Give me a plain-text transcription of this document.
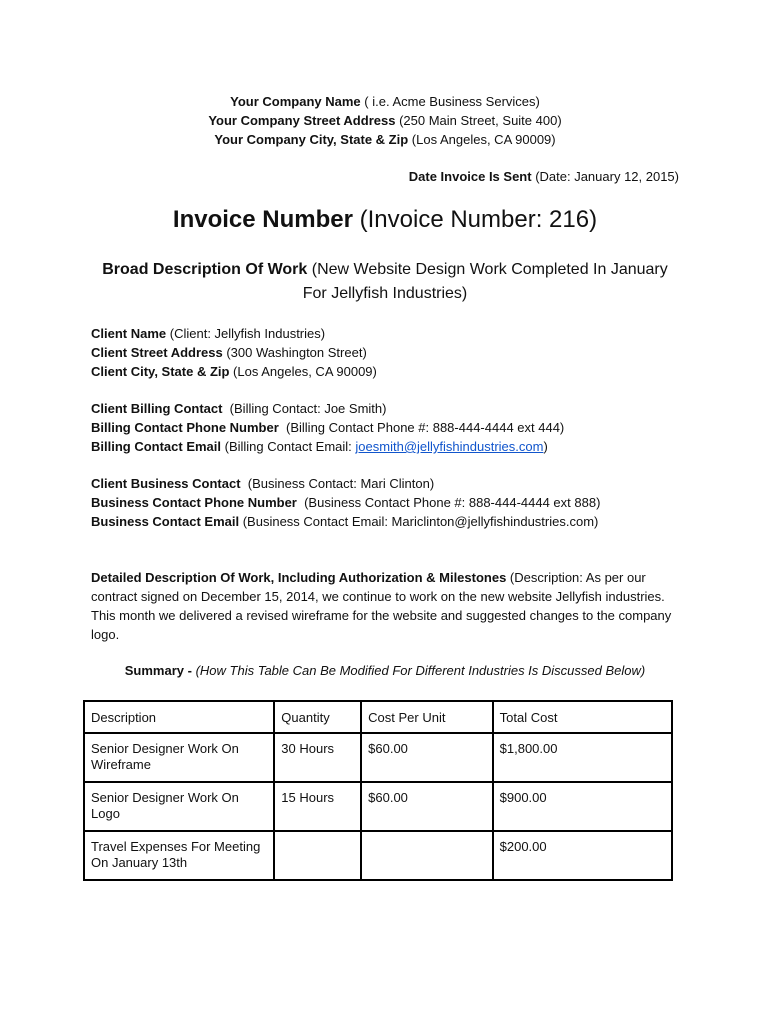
Your Company Name ( i.e. Acme Business Services)
Your Company Street Address (250 Main Street, Suite 400)
Your Company City, State & Zip (Los Angeles, CA 90009)
Date Invoice Is Sent (Date: January 12, 2015)
Invoice Number (Invoice Number: 216)
Broad Description Of Work (New Website Design Work Completed In January For Jellyfish Industries)
Client Name (Client: Jellyfish Industries)
Client Street Address (300 Washington Street)
Client City, State & Zip (Los Angeles, CA 90009)
Client Billing Contact  (Billing Contact: Joe Smith)
Billing Contact Phone Number  (Billing Contact Phone #: 888-444-4444 ext 444)
Billing Contact Email (Billing Contact Email: joesmith@jellyfishindustries.com)
Client Business Contact  (Business Contact: Mari Clinton)
Business Contact Phone Number  (Business Contact Phone #: 888-444-4444 ext 888)
Business Contact Email (Business Contact Email: Mariclinton@jellyfishindustries.com)
Detailed Description Of Work, Including Authorization & Milestones (Description: As per our contract signed on December 15, 2014, we continue to work on the new website Jellyfish industries. This month we delivered a revised wireframe for the website and suggested changes to the company logo.
Summary - (How This Table Can Be Modified For Different Industries Is Discussed Below)
Description	Quantity	Cost Per Unit	Total Cost
Senior Designer Work On Wireframe	30 Hours	$60.00	$1,800.00
Senior Designer Work On Logo	15 Hours	$60.00	$900.00
Travel Expenses For Meeting On January 13th			$200.00
